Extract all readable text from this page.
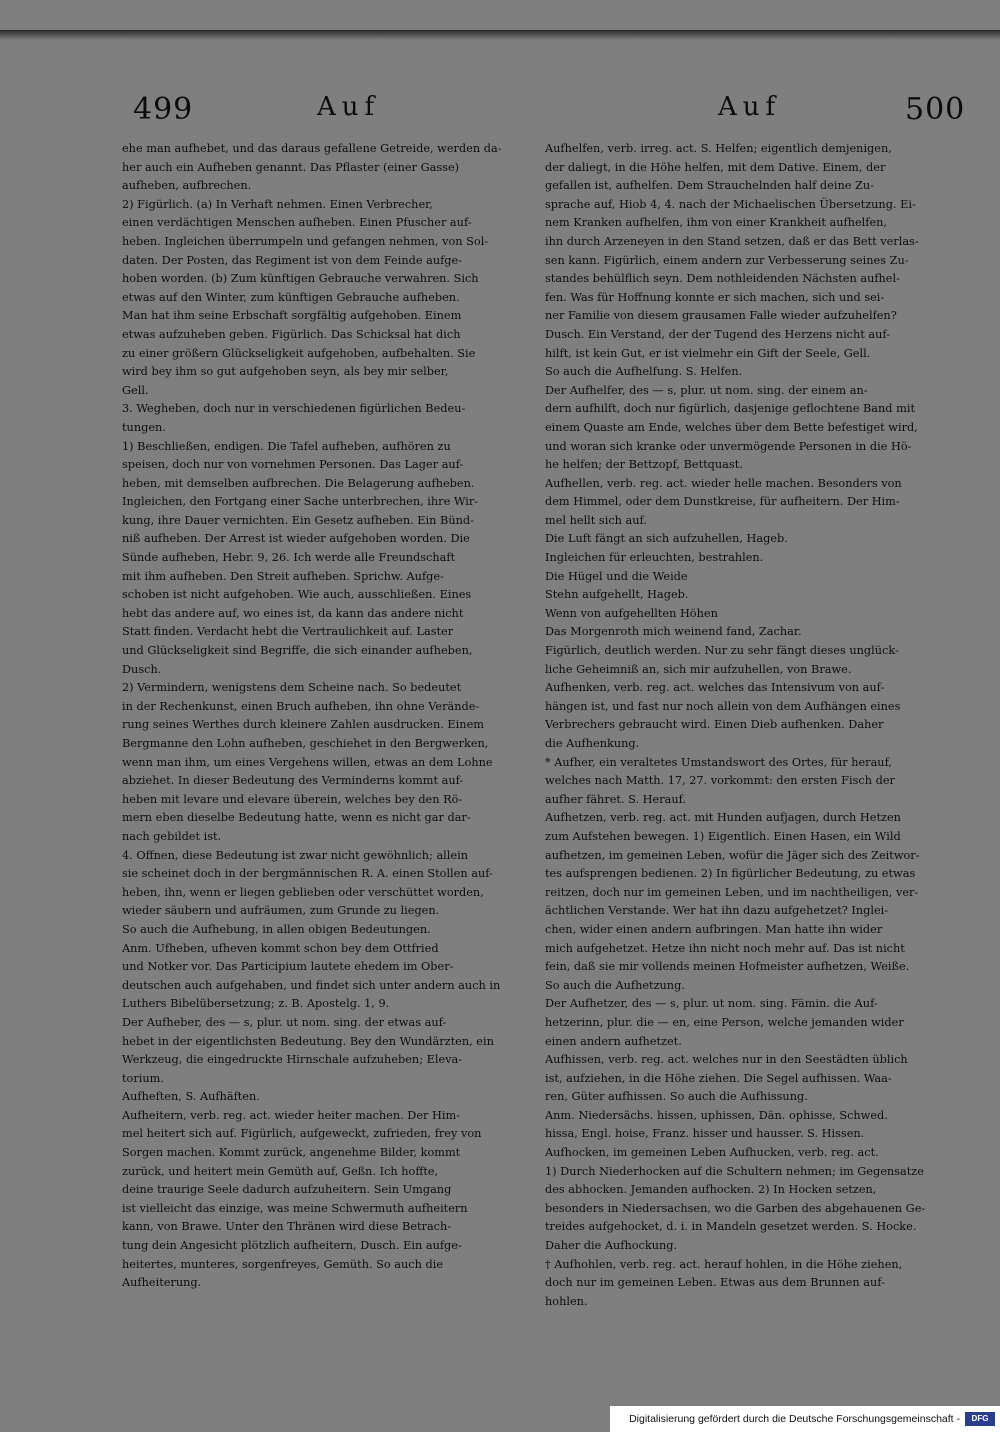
499	Auf	Auf	500
ehe man aufhebet, und das daraus gefallene Getreide, werden da-
her auch ein Aufheben genannt. Das Pflaster (einer Gasse)
aufheben, aufbrechen.
2) Figürlich. (a) In Verhaft nehmen. Einen Verbrecher,
einen verdächtigen Menschen aufheben. Einen Pfuscher auf-
heben. Ingleichen überrumpeln und gefangen nehmen, von Sol-
daten. Der Posten, das Regiment ist von dem Feinde aufge-
hoben worden. (b) Zum künftigen Gebrauche verwahren. Sich
etwas auf den Winter, zum künftigen Gebrauche aufheben.
Man hat ihm seine Erbschaft sorgfältig aufgehoben. Einem
etwas aufzuheben geben. Figürlich. Das Schicksal hat dich
zu einer größern Glückseligkeit aufgehoben, aufbehalten. Sie
wird bey ihm so gut aufgehoben seyn, als bey mir selber,
Gell.
3. Wegheben, doch nur in verschiedenen figürlichen Bedeu-
tungen.
1) Beschließen, endigen. Die Tafel aufheben, aufhören zu
speisen, doch nur von vornehmen Personen. Das Lager auf-
heben, mit demselben aufbrechen. Die Belagerung aufheben.
Ingleichen, den Fortgang einer Sache unterbrechen, ihre Wir-
kung, ihre Dauer vernichten. Ein Gesetz aufheben. Ein Bünd-
niß aufheben. Der Arrest ist wieder aufgehoben worden. Die
Sünde aufheben, Hebr. 9, 26. Ich werde alle Freundschaft
mit ihm aufheben. Den Streit aufheben. Sprichw. Aufge-
schoben ist nicht aufgehoben. Wie auch, ausschließen. Eines
hebt das andere auf, wo eines ist, da kann das andere nicht
Statt finden. Verdacht hebt die Vertraulichkeit auf. Laster
und Glückseligkeit sind Begriffe, die sich einander aufheben,
Dusch.
2) Vermindern, wenigstens dem Scheine nach. So bedeutet
in der Rechenkunst, einen Bruch aufheben, ihn ohne Verände-
rung seines Werthes durch kleinere Zahlen ausdrucken. Einem
Bergmanne den Lohn aufheben, geschiehet in den Bergwerken,
wenn man ihm, um eines Vergehens willen, etwas an dem Lohne
abziehet. In dieser Bedeutung des Verminderns kommt auf-
heben mit levare und elevare überein, welches bey den Rö-
mern eben dieselbe Bedeutung hatte, wenn es nicht gar dar-
nach gebildet ist.
4. Offnen, diese Bedeutung ist zwar nicht gewöhnlich; allein
sie scheinet doch in der bergmännischen R. A. einen Stollen auf-
heben, ihn, wenn er liegen geblieben oder verschüttet worden,
wieder säubern und aufräumen, zum Grunde zu liegen.
So auch die Aufhebung, in allen obigen Bedeutungen.
Anm. Ufheben, ufheven kommt schon bey dem Ottfried
und Notker vor. Das Participium lautete ehedem im Ober-
deutschen auch aufgehaben, und findet sich unter andern auch in
Luthers Bibelübersetzung; z. B. Apostelg. 1, 9.
Der Aufheber, des — s, plur. ut nom. sing. der etwas auf-
hebet in der eigentlichsten Bedeutung. Bey den Wundärzten, ein
Werkzeug, die eingedruckte Hirnschale aufzuheben; Eleva-
torium.
Aufheften, S. Aufhäften.
Aufheitern, verb. reg. act. wieder heiter machen. Der Him-
mel heitert sich auf. Figürlich, aufgeweckt, zufrieden, frey von
Sorgen machen. Kommt zurück, angenehme Bilder, kommt
zurück, und heitert mein Gemüth auf, Geßn. Ich hoffte,
deine traurige Seele dadurch aufzuheitern. Sein Umgang
ist vielleicht das einzige, was meine Schwermuth aufheitern
kann, von Brawe. Unter den Thränen wird diese Betrach-
tung dein Angesicht plötzlich aufheitern, Dusch. Ein aufge-
heitertes, munteres, sorgenfreyes, Gemüth. So auch die
Aufheiterung.
Aufhelfen, verb. irreg. act. S. Helfen; eigentlich demjenigen,
der daliegt, in die Höhe helfen, mit dem Dative. Einem, der
gefallen ist, aufhelfen. Dem Strauchelnden half deine Zu-
sprache auf, Hiob 4, 4. nach der Michaelischen Übersetzung. Ei-
nem Kranken aufhelfen, ihm von einer Krankheit aufhelfen,
ihn durch Arzeneyen in den Stand setzen, daß er das Bett verlas-
sen kann. Figürlich, einem andern zur Verbesserung seines Zu-
standes behülflich seyn. Dem nothleidenden Nächsten aufhel-
fen. Was für Hoffnung konnte er sich machen, sich und sei-
ner Familie von diesem grausamen Falle wieder aufzuhelfen?
Dusch. Ein Verstand, der der Tugend des Herzens nicht auf-
hilft, ist kein Gut, er ist vielmehr ein Gift der Seele, Gell.
So auch die Aufhelfung. S. Helfen.
Der Aufhelfer, des — s, plur. ut nom. sing. der einem an-
dern aufhilft, doch nur figürlich, dasjenige geflochtene Band mit
einem Quaste am Ende, welches über dem Bette befestiget wird,
und woran sich kranke oder unvermögende Personen in die Hö-
he helfen; der Bettzopf, Bettquast.
Aufhellen, verb. reg. act. wieder helle machen. Besonders von
dem Himmel, oder dem Dunstkreise, für aufheitern. Der Him-
mel hellt sich auf.
Die Luft fängt an sich aufzuhellen, Hageb.
Ingleichen für erleuchten, bestrahlen.
Die Hügel und die Weide
Stehn aufgehellt, Hageb.
Wenn von aufgehellten Höhen
Das Morgenroth mich weinend fand, Zachar.
Figürlich, deutlich werden. Nur zu sehr fängt dieses unglück-
liche Geheimniß an, sich mir aufzuhellen, von Brawe.
Aufhenken, verb. reg. act. welches das Intensivum von auf-
hängen ist, und fast nur noch allein von dem Aufhängen eines
Verbrechers gebraucht wird. Einen Dieb aufhenken. Daher
die Aufhenkung.
* Aufher, ein veraltetes Umstandswort des Ortes, für herauf,
welches nach Matth. 17, 27. vorkommt: den ersten Fisch der
aufher fähret. S. Herauf.
Aufhetzen, verb. reg. act. mit Hunden aufjagen, durch Hetzen
zum Aufstehen bewegen. 1) Eigentlich. Einen Hasen, ein Wild
aufhetzen, im gemeinen Leben, wofür die Jäger sich des Zeitwor-
tes aufsprengen bedienen. 2) In figürlicher Bedeutung, zu etwas
reitzen, doch nur im gemeinen Leben, und im nachtheiligen, ver-
ächtlichen Verstande. Wer hat ihn dazu aufgehetzet? Inglei-
chen, wider einen andern aufbringen. Man hatte ihn wider
mich aufgehetzet. Hetze ihn nicht noch mehr auf. Das ist nicht
fein, daß sie mir vollends meinen Hofmeister aufhetzen, Weiße.
So auch die Aufhetzung.
Der Aufhetzer, des — s, plur. ut nom. sing. Fämin. die Auf-
hetzerinn, plur. die — en, eine Person, welche jemanden wider
einen andern aufhetzet.
Aufhissen, verb. reg. act. welches nur in den Seestädten üblich
ist, aufziehen, in die Höhe ziehen. Die Segel aufhissen. Waa-
ren, Güter aufhissen. So auch die Aufhissung.
Anm. Niedersächs. hissen, uphissen, Dän. ophisse, Schwed.
hissa, Engl. hoise, Franz. hisser und hausser. S. Hissen.
Aufhocken, im gemeinen Leben Aufhucken, verb. reg. act.
1) Durch Niederhocken auf die Schultern nehmen; im Gegensatze
des abhocken. Jemanden aufhocken. 2) In Hocken setzen,
besonders in Niedersachsen, wo die Garben des abgehauenen Ge-
treides aufgehocket, d. i. in Mandeln gesetzet werden. S. Hocke.
Daher die Aufhockung.
† Aufhohlen, verb. reg. act. herauf hohlen, in die Höhe ziehen,
doch nur im gemeinen Leben. Etwas aus dem Brunnen auf-
hohlen.
Digitalisierung gefördert durch die Deutsche Forschungsgemeinschaft -	DFG
